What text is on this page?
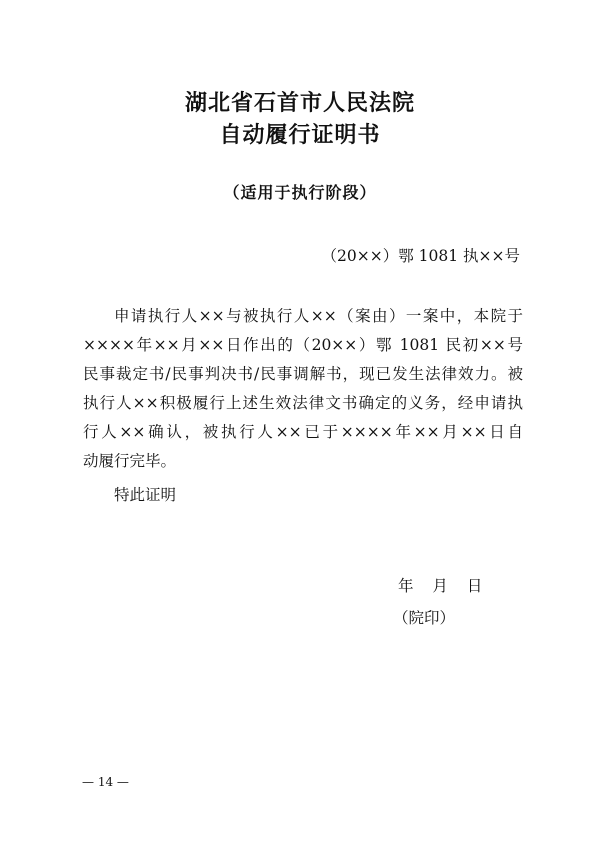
湖北省石首市人民法院
自动履行证明书
（适用于执行阶段）
（20××）鄂 1081 执××号
申请执行人××与被执行人××（案由）一案中，本院于
××××年××月××日作出的（20××）鄂 1081 民初××号
民事裁定书/民事判决书/民事调解书，现已发生法律效力。被
执行人××积极履行上述生效法律文书确定的义务，经申请执
行人××确认，被执行人××已于××××年××月××日自
动履行完毕。
特此证明
年 月 日
（院印）
— 14 —
